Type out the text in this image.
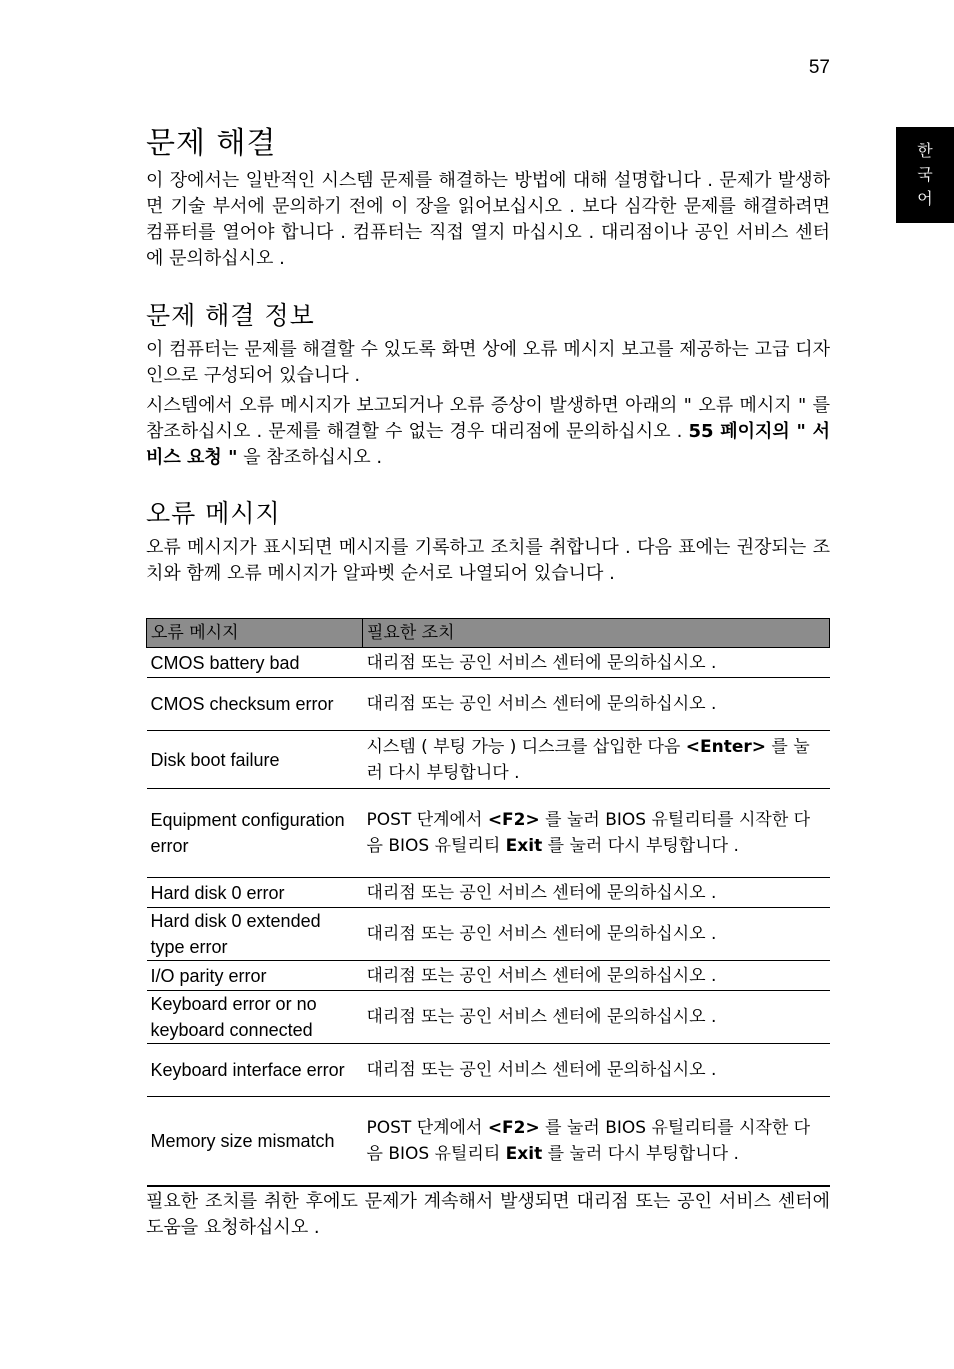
57
한
국
어
문제 해결

이 장에서는 일반적인 시스템 문제를 해결하는 방법에 대해 설명합니다 . 문제가 발생하면 기술 부서에 문의하기 전에 이 장을 읽어보십시오 . 보다 심각한 문제를 해결하려면 컴퓨터를 열어야 합니다 . 컴퓨터는 직접 열지 마십시오 . 대리점이나 공인 서비스 센터에 문의하십시오 .

문제 해결 정보

이 컴퓨터는 문제를 해결할 수 있도록 화면 상에 오류 메시지 보고를 제공하는 고급 디자인으로 구성되어 있습니다 .

시스템에서 오류 메시지가 보고되거나 오류 증상이 발생하면 아래의 " 오류 메시지 " 를 참조하십시오 . 문제를 해결할 수 없는 경우 대리점에 문의하십시오 . 55 페이지의 " 서비스 요청 " 을 참조하십시오 .

오류 메시지

오류 메시지가 표시되면 메시지를 기록하고 조치를 취합니다 . 다음 표에는 권장되는 조치와 함께 오류 메시지가 알파벳 순서로 나열되어 있습니다 .

오류 메시지	필요한 조치
CMOS battery bad	대리점 또는 공인 서비스 센터에 문의하십시오 .
CMOS checksum error	대리점 또는 공인 서비스 센터에 문의하십시오 .
Disk boot failure	시스템 ( 부팅 가능 ) 디스크를 삽입한 다음 <Enter> 를 눌러 다시 부팅합니다 .
Equipment configuration error	POST 단계에서 <F2> 를 눌러 BIOS 유틸리티를 시작한 다음 BIOS 유틸리티 Exit 를 눌러 다시 부팅합니다 .
Hard disk 0 error	대리점 또는 공인 서비스 센터에 문의하십시오 .
Hard disk 0 extended type error	대리점 또는 공인 서비스 센터에 문의하십시오 .
I/O parity error	대리점 또는 공인 서비스 센터에 문의하십시오 .
Keyboard error or no keyboard connected	대리점 또는 공인 서비스 센터에 문의하십시오 .
Keyboard interface error	대리점 또는 공인 서비스 센터에 문의하십시오 .
Memory size mismatch	POST 단계에서 <F2> 를 눌러 BIOS 유틸리티를 시작한 다음 BIOS 유틸리티 Exit 를 눌러 다시 부팅합니다 .

필요한 조치를 취한 후에도 문제가 계속해서 발생되면 대리점 또는 공인 서비스 센터에 도움을 요청하십시오 .
